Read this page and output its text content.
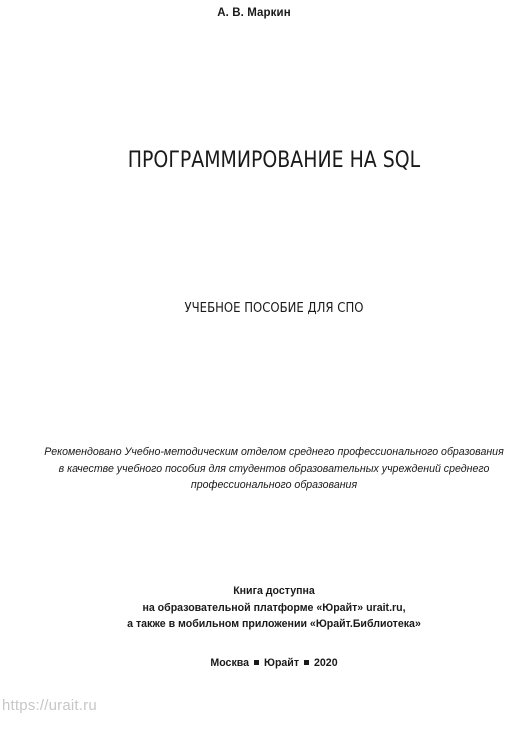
А. В. Маркин
ПРОГРАММИРОВАНИЕ НА SQL
УЧЕБНОЕ ПОСОБИЕ ДЛЯ СПО
Рекомендовано Учебно-методическим отделом среднего профессионального образования
в качестве учебного пособия для студентов образовательных учреждений среднего
профессионального образования
Книга доступна
на образовательной платформе «Юрайт» urait.ru,
а также в мобильном приложении «Юрайт.Библиотека»
Москва Юрайт 2020
https://urait.ru
